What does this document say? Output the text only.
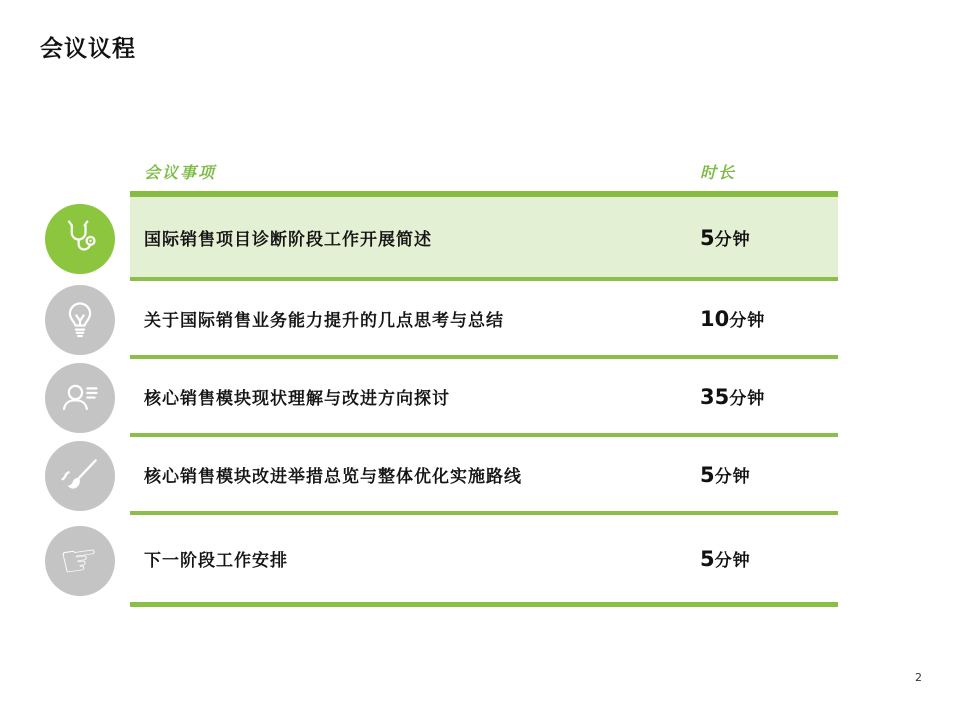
会议议程
会议事项	时长
国际销售项目诊断阶段工作开展简述	5分钟
关于国际销售业务能力提升的几点思考与总结	10分钟
核心销售模块现状理解与改进方向探讨	35分钟
核心销售模块改进举措总览与整体优化实施路线	5分钟
☞ 下一阶段工作安排	5分钟
2
